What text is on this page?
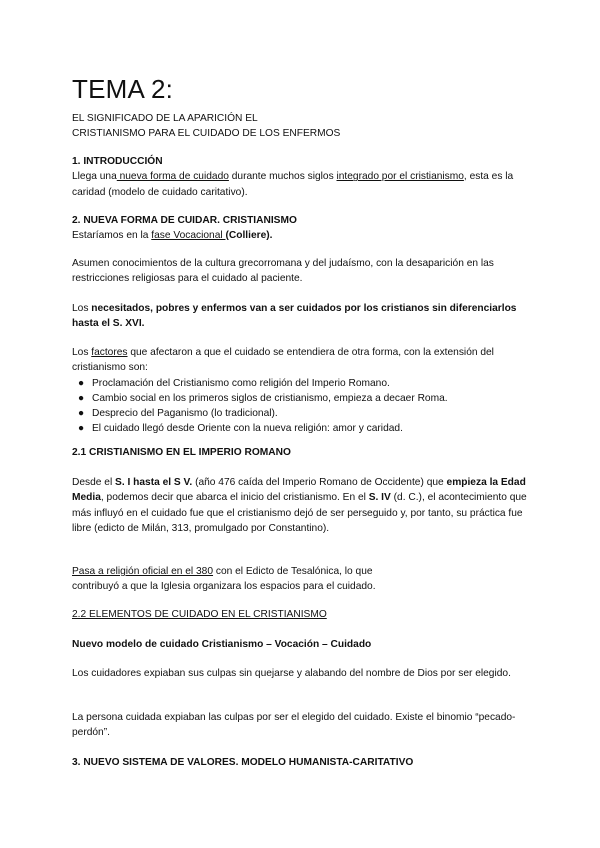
TEMA 2:
EL SIGNIFICADO DE LA APARICIÓN EL
CRISTIANISMO PARA EL CUIDADO DE LOS ENFERMOS

1. INTRODUCCIÓN

Llega una nueva forma de cuidado durante muchos siglos integrado por el cristianismo, esta es la caridad (modelo de cuidado caritativo).

2. NUEVA FORMA DE CUIDAR. CRISTIANISMO

Estaríamos en la fase Vocacional (Colliere).

Asumen conocimientos de la cultura grecorromana y del judaísmo, con la desaparición en las restricciones religiosas para el cuidado al paciente.
Los necesitados, pobres y enfermos van a ser cuidados por los cristianos sin diferenciarlos hasta el S. XVI.

Los factores que afectaron a que el cuidado se entendiera de otra forma, con la extensión del cristianismo son:

● Proclamación del Cristianismo como religión del Imperio Romano.
● Cambio social en los primeros siglos de cristianismo, empieza a decaer Roma.
● Desprecio del Paganismo (lo tradicional).
● El cuidado llegó desde Oriente con la nueva religión: amor y caridad.
2.1 CRISTIANISMO EN EL IMPERIO ROMANO
Desde el S. I hasta el S V. (año 476 caída del Imperio Romano de Occidente) que empieza la Edad Media, podemos decir que abarca el inicio del cristianismo. En el S. IV (d. C.), el acontecimiento que más influyó en el cuidado fue que el cristianismo dejó de ser perseguido y, por tanto, su práctica fue libre (edicto de Milán, 313, promulgado por Constantino).

Pasa a religión oficial en el 380 con el Edicto de Tesalónica, lo que

contribuyó a que la Iglesia organizara los espacios para el cuidado.

2.2 ELEMENTOS DE CUIDADO EN EL CRISTIANISMO
Nuevo modelo de cuidado Cristianismo – Vocación – Cuidado
Los cuidadores expiaban sus culpas sin quejarse y alabando del nombre de Dios por ser elegido.
La persona cuidada expiaban las culpas por ser el elegido del cuidado. Existe el binomio “pecado-perdón”.
3. NUEVO SISTEMA DE VALORES. MODELO HUMANISTA-CARITATIVO
